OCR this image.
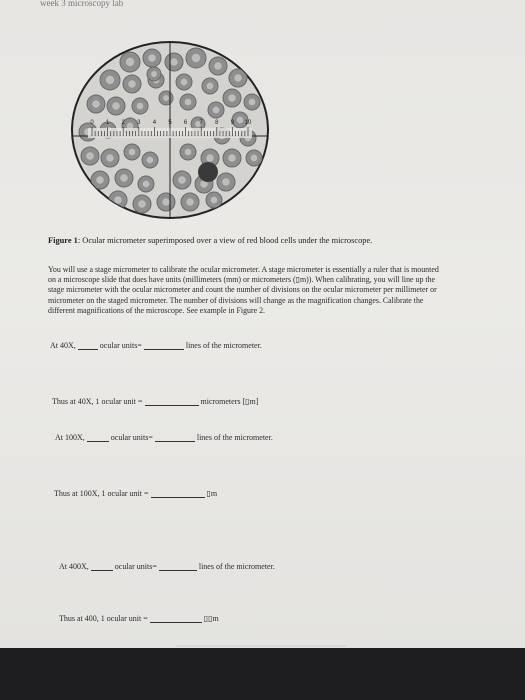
week 3 microscopy lab
0 1 2 3 4 5 6 7 8 9 10
Figure 1: Ocular micrometer superimposed over a view of red blood cells under the microscope.

You will use a stage micrometer to calibrate the ocular micrometer. A stage micrometer is essentially a ruler that is mounted on a microscope slide that does have units (millimeters (mm) or micrometers (▯m)). When calibrating, you will line up the stage micrometer with the ocular micrometer and count the number of divisions on the ocular micrometer per millimeter or micrometer on the staged micrometer. The number of divisions will change as the magnification changes. Calibrate the different magnifications of the microscope. See example in Figure 2.

At 40X,	ocular units=	lines of the micrometer.
Thus at 40X, 1 ocular unit =	micrometers [▯m]
At 100X,	ocular units=	lines of the micrometer.
Thus at 100X, 1 ocular unit =	▯m
At 400X,	ocular units=	lines of the micrometer.
Thus at 400, 1 ocular unit =	▯▯m
